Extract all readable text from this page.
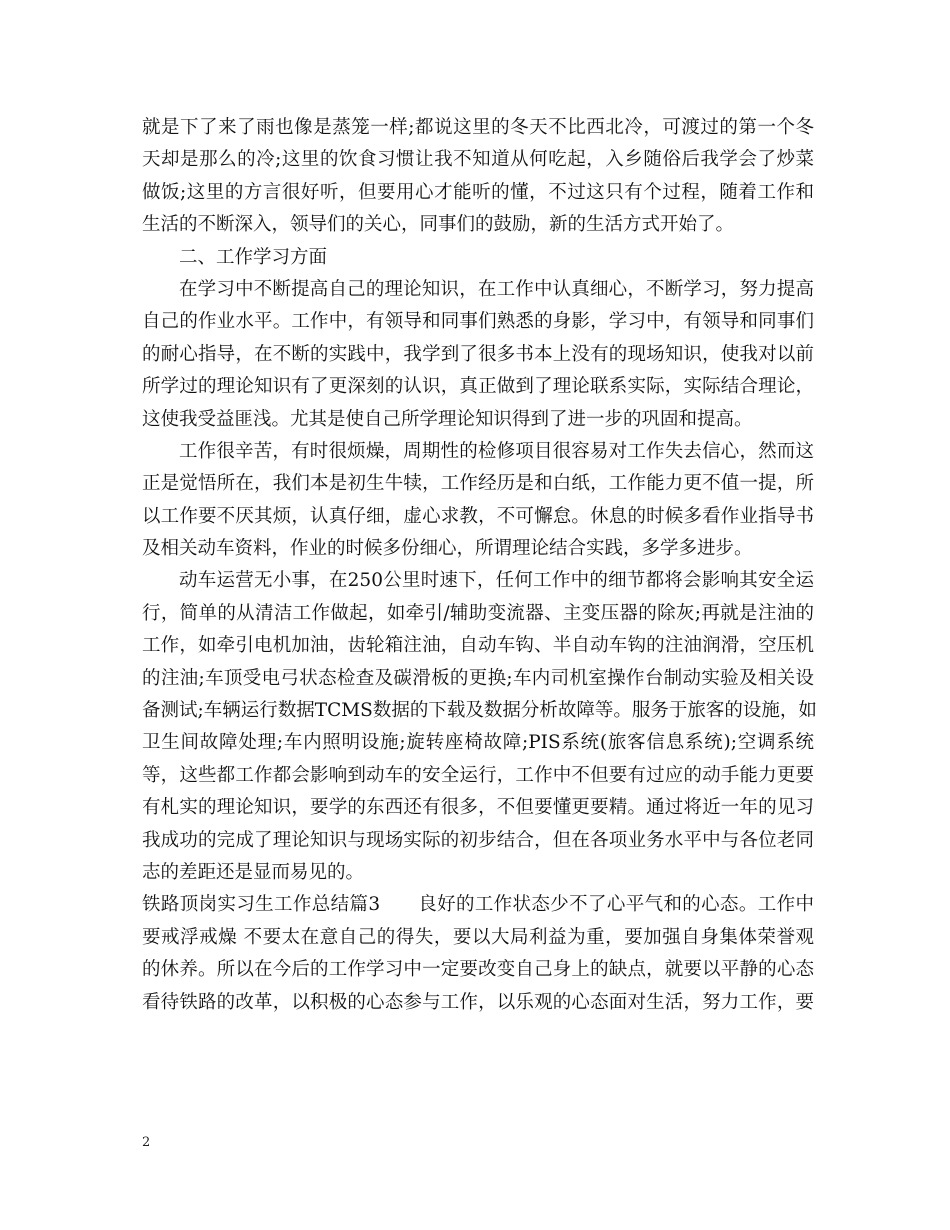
就是下了来了雨也像是蒸笼一样;都说这里的冬天不比西北冷，可渡过的第一个冬
天却是那么的冷;这里的饮食习惯让我不知道从何吃起，入乡随俗后我学会了炒菜
做饭;这里的方言很好听，但要用心才能听的懂，不过这只有个过程，随着工作和
生活的不断深入，领导们的关心，同事们的鼓励，新的生活方式开始了。
二、工作学习方面
在学习中不断提高自己的理论知识，在工作中认真细心，不断学习，努力提高
自己的作业水平。工作中，有领导和同事们熟悉的身影，学习中，有领导和同事们
的耐心指导，在不断的实践中，我学到了很多书本上没有的现场知识，使我对以前
所学过的理论知识有了更深刻的认识，真正做到了理论联系实际，实际结合理论，
这使我受益匪浅。尤其是使自己所学理论知识得到了进一步的巩固和提高。
工作很辛苦，有时很烦燥，周期性的检修项目很容易对工作失去信心，然而这
正是觉悟所在，我们本是初生牛犊，工作经历是和白纸，工作能力更不值一提，所
以工作要不厌其烦，认真仔细，虚心求教，不可懈怠。休息的时候多看作业指导书
及相关动车资料，作业的时候多份细心，所谓理论结合实践，多学多进步。
动车运营无小事，在250公里时速下，任何工作中的细节都将会影响其安全运
行，简单的从清洁工作做起，如牵引/辅助变流器、主变压器的除灰;再就是注油的
工作，如牵引电机加油，齿轮箱注油，自动车钩、半自动车钩的注油润滑，空压机
的注油;车顶受电弓状态检查及碳滑板的更换;车内司机室操作台制动实验及相关设
备测试;车辆运行数据TCMS数据的下载及数据分析故障等。服务于旅客的设施，如
卫生间故障处理;车内照明设施;旋转座椅故障;PIS系统(旅客信息系统);空调系统
等，这些都工作都会影响到动车的安全运行，工作中不但要有过应的动手能力更要
有札实的理论知识，要学的东西还有很多，不但要懂更要精。通过将近一年的见习
我成功的完成了理论知识与现场实际的初步结合，但在各项业务水平中与各位老同
志的差距还是显而易见的。
铁路顶岗实习生工作总结篇3　　良好的工作状态少不了心平气和的心态。工作中
要戒浮戒燥 不要太在意自己的得失，要以大局利益为重，要加强自身集体荣誉观
的休养。所以在今后的工作学习中一定要改变自己身上的缺点，就要以平静的心态
看待铁路的改革，以积极的心态参与工作，以乐观的心态面对生活，努力工作，要
2
